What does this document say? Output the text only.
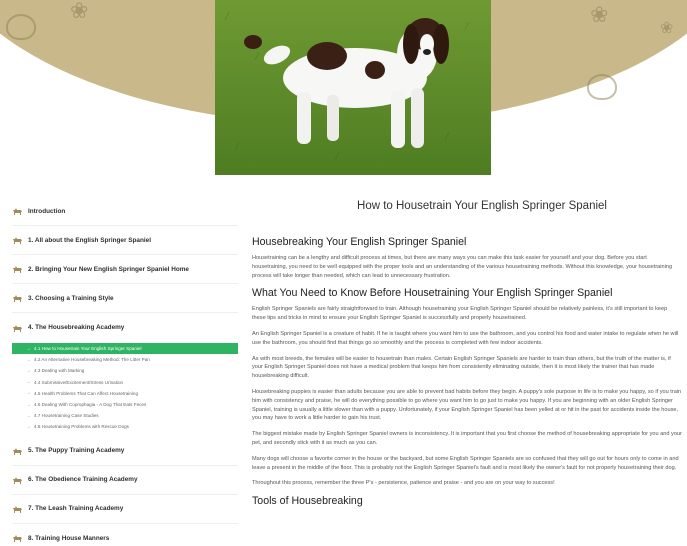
❀	❀
❀
Introduction
1. All about the English Springer Spaniel
2. Bringing Your New English Springer Spaniel Home
3. Choosing a Training Style
4. The Housebreaking Academy
→ 4.1 How to Housetrain Your English Springer Spaniel
→ 4.2 An Alternative Housebreaking Method: The Litter Pan
→ 4.3 Dealing with Marking
→ 4.4 Submissive/Excitement/Stress Urination
→ 4.5 Health Problems That Can Affect Housetraining
→ 4.6 Dealing With Coprophagia - A Dog That Eats Feces
→ 4.7 Housetraining Case Studies
→ 4.8 Housetraining Problems with Rescue Dogs
5. The Puppy Training Academy
6. The Obedience Training Academy
7. The Leash Training Academy
8. Training House Manners
How to Housetrain Your English Springer Spaniel
Housebreaking Your English Springer Spaniel

Housetraining can be a lengthy and difficult process at times, but there are many ways you can make this task easier for yourself and your dog. Before you start housetraining, you need to be well equipped with the proper tools and an understanding of the various housetraining methods. Without this knowledge, your housetraining process will take longer than needed, which can lead to unnecessary frustration.

What You Need to Know Before Housetraining Your English Springer Spaniel

English Springer Spaniels are fairly straightforward to train. Although housetraining your English Springer Spaniel should be relatively painless, it's still important to keep these tips and tricks in mind to ensure your English Springer Spaniel is successfully and properly housetrained.

An English Springer Spaniel is a creature of habit. If he is taught where you want him to use the bathroom, and you control his food and water intake to regulate when he will use the bathroom, you should find that things go so smoothly and the process is completed with few indoor accidents.

As with most breeds, the females will be easier to housetrain than males. Certain English Springer Spaniels are harder to train than others, but the truth of the matter is, if your English Springer Spaniel does not have a medical problem that keeps him from consistently eliminating outside, then it is most likely the trainer that has made housebreaking difficult.

Housebreaking puppies is easier than adults because you are able to prevent bad habits before they begin. A puppy's sole purpose in life is to make you happy, so if you train him with consistency and praise, he will do everything possible to go where you want him to go just to make you happy. If you are beginning with an older English Springer Spaniel, training is usually a little slower than with a puppy. Unfortunately, if your English Springer Spaniel has been yelled at or hit in the past for accidents inside the house, you may have to work a little harder to gain his trust.

The biggest mistake made by English Springer Spaniel owners is inconsistency. It is important that you first choose the method of housebreaking appropriate for you and your pet, and secondly stick with it as much as you can.

Many dogs will choose a favorite corner in the house or the backyard, but some English Springer Spaniels are so confused that they will go out for hours only to come in and leave a present in the middle of the floor. This is probably not the English Springer Spaniel's fault and is most likely the owner's fault for not properly housetraining their dog.

Throughout this process, remember the three P's - persistence, patience and praise - and you are on your way to success!

Tools of Housebreaking
